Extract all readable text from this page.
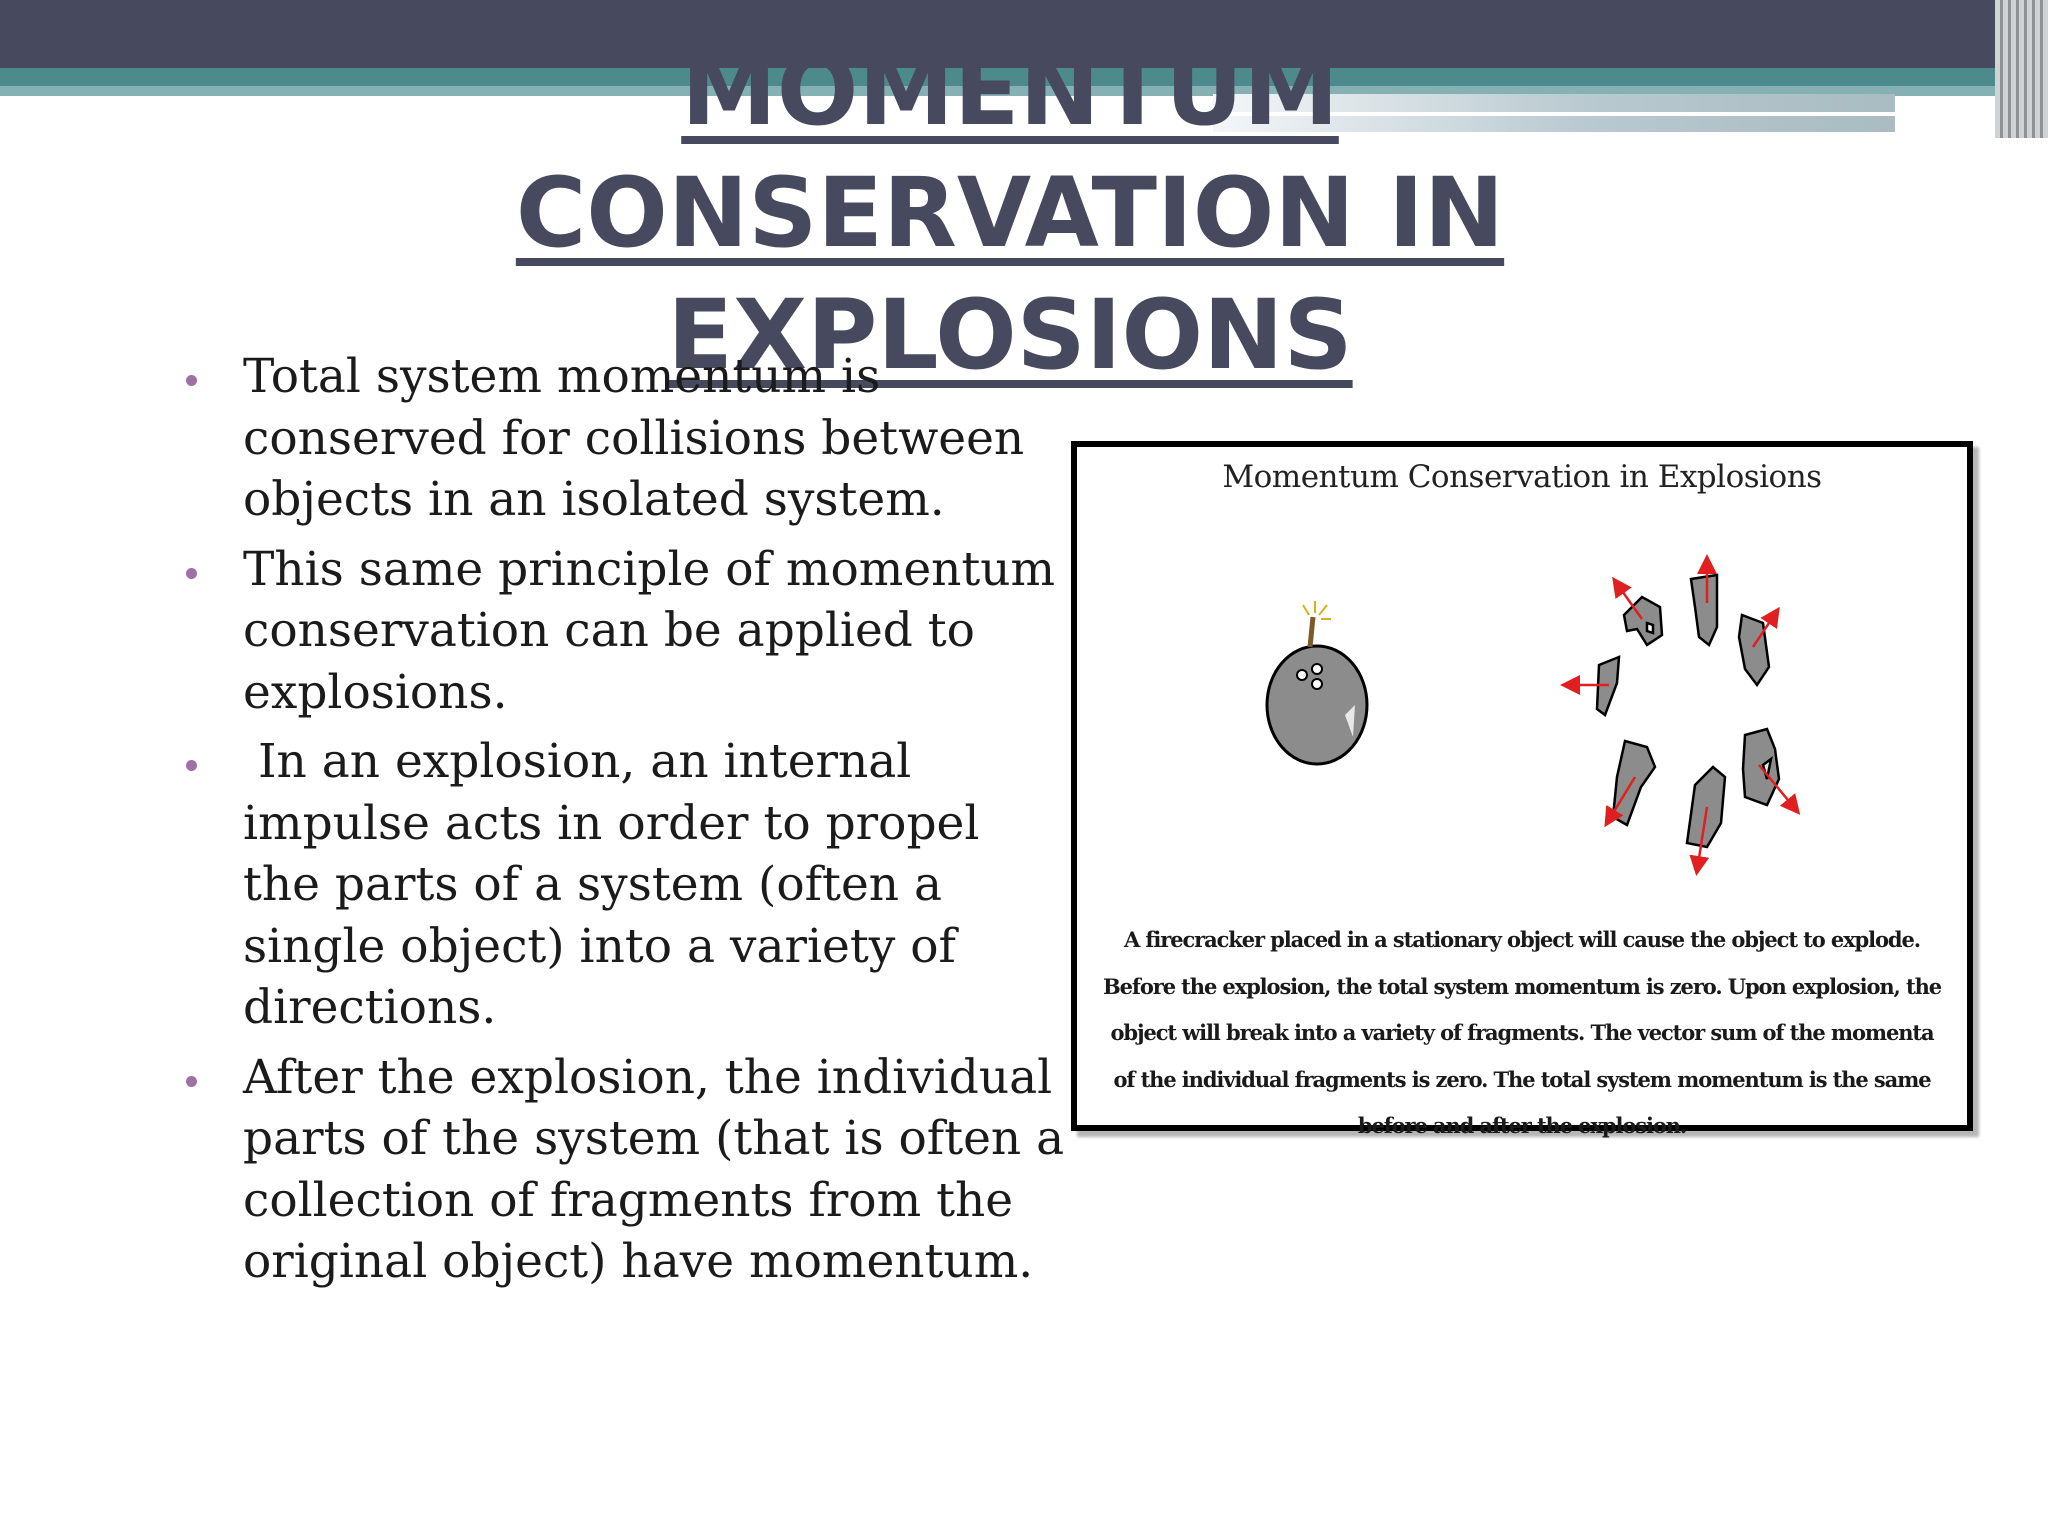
MOMENTUM CONSERVATION IN
EXPLOSIONS
Total system momentum is conserved for collisions between objects in an isolated system.
This same principle of momentum conservation can be applied to explosions.
In an explosion, an internal impulse acts in order to propel the parts of a system (often a single object) into a variety of directions.
After the explosion, the individual parts of the system (that is often a collection of fragments from the original object) have momentum.
Momentum Conservation in Explosions
A firecracker placed in a stationary object will cause the object to explode. Before the explosion, the total system momentum is zero. Upon explosion, the object will break into a variety of fragments. The vector sum of the momenta of the individual fragments is zero. The total system momentum is the same before and after the explosion.
